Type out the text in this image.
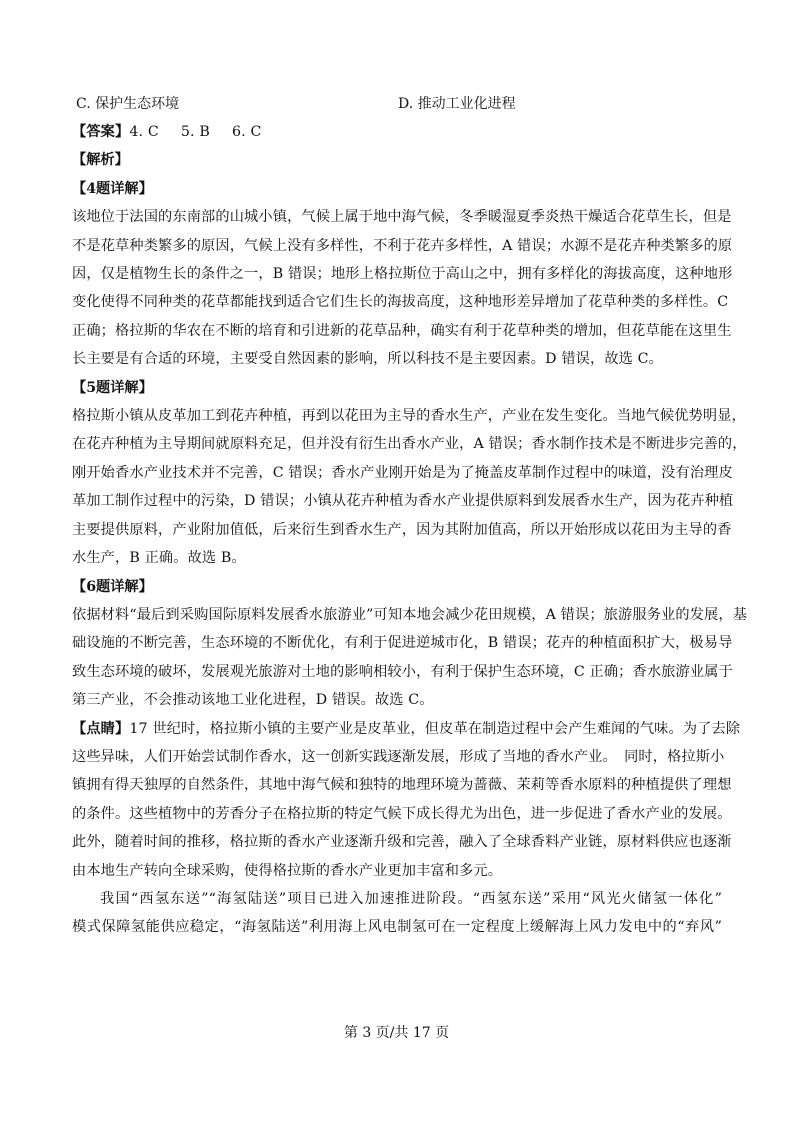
C. 保护生态环境	D. 推动工业化进程
【答案】4. C 5. B 6. C
【解析】
【4题详解】
该地位于法国的东南部的山城小镇，气候上属于地中海气候，冬季暖湿夏季炎热干燥适合花草生长，但是
不是花草种类繁多的原因，气候上没有多样性，不利于花卉多样性，A 错误；水源不是花卉种类繁多的原
因，仅是植物生长的条件之一，B 错误；地形上格拉斯位于高山之中，拥有多样化的海拔高度，这种地形
变化使得不同种类的花草都能找到适合它们生长的海拔高度，这种地形差异增加了花草种类的多样性。C
正确；格拉斯的华农在不断的培育和引进新的花草品种，确实有利于花草种类的增加，但花草能在这里生
长主要是有合适的环境，主要受自然因素的影响，所以科技不是主要因素。D 错误，故选 C。
【5题详解】
格拉斯小镇从皮革加工到花卉种植，再到以花田为主导的香水生产，产业在发生变化。当地气候优势明显，
在花卉种植为主导期间就原料充足，但并没有衍生出香水产业，A 错误；香水制作技术是不断进步完善的，
刚开始香水产业技术并不完善，C 错误；香水产业刚开始是为了掩盖皮革制作过程中的味道，没有治理皮
革加工制作过程中的污染，D 错误；小镇从花卉种植为香水产业提供原料到发展香水生产，因为花卉种植
主要提供原料，产业附加值低，后来衍生到香水生产，因为其附加值高，所以开始形成以花田为主导的香
水生产，B 正确。故选 B。
【6题详解】
依据材料“最后到采购国际原料发展香水旅游业”可知本地会减少花田规模，A 错误；旅游服务业的发展，基
础设施的不断完善，生态环境的不断优化，有利于促进逆城市化，B 错误；花卉的种植面积扩大，极易导
致生态环境的破坏，发展观光旅游对土地的影响相较小，有利于保护生态环境，C 正确；香水旅游业属于
第三产业，不会推动该地工业化进程，D 错误。故选 C。
【点睛】17 世纪时，格拉斯小镇的主要产业是皮革业，但皮革在制造过程中会产生难闻的气味。为了去除
这些异味，人们开始尝试制作香水，这一创新实践逐渐发展，形成了当地的香水产业。　同时，格拉斯小
镇拥有得天独厚的自然条件，其地中海气候和独特的地理环境为蔷薇、茉莉等香水原料的种植提供了理想
的条件。这些植物中的芳香分子在格拉斯的特定气候下成长得尤为出色，进一步促进了香水产业的发展。
此外，随着时间的推移，格拉斯的香水产业逐渐升级和完善，融入了全球香料产业链，原材料供应也逐渐
由本地生产转向全球采购，使得格拉斯的香水产业更加丰富和多元。
我国“西氢东送”“海氢陆送”项目已进入加速推进阶段。“西氢东送”采用“风光火储氢一体化”
模式保障氢能供应稳定，“海氢陆送”利用海上风电制氢可在一定程度上缓解海上风力发电中的“弃风”
第 3 页/共 17 页
